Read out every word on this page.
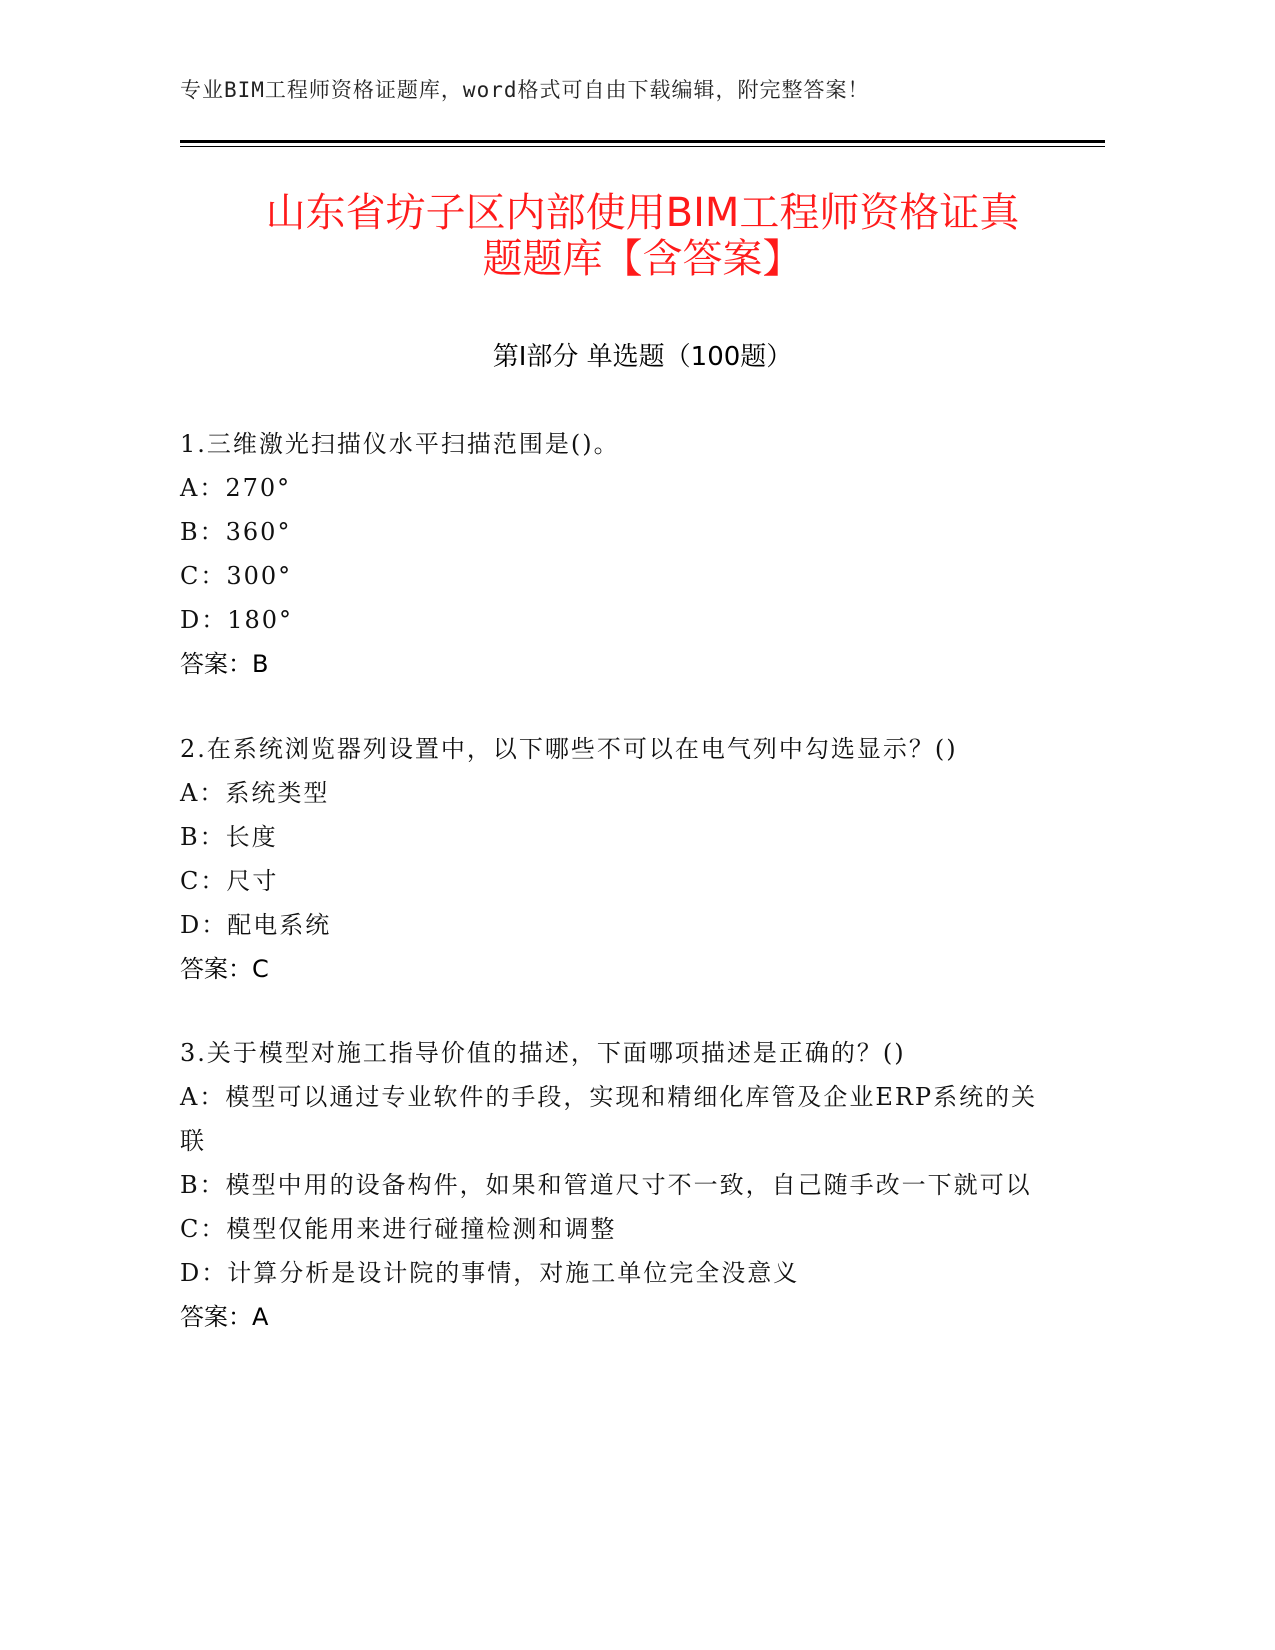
专业BIM工程师资格证题库，word格式可自由下载编辑，附完整答案！
山东省坊子区内部使用BIM工程师资格证真
题题库【含答案】
第Ⅰ部分 单选题（100题）
1.三维激光扫描仪水平扫描范围是()。
A：270°
B：360°
C：300°
D：180°
答案：B
2.在系统浏览器列设置中，以下哪些不可以在电气列中勾选显示？()
A：系统类型
B：长度
C：尺寸
D：配电系统
答案：C
3.关于模型对施工指导价值的描述，下面哪项描述是正确的？()
A：模型可以通过专业软件的手段，实现和精细化库管及企业ERP系统的关联
B：模型中用的设备构件，如果和管道尺寸不一致，自己随手改一下就可以
C：模型仅能用来进行碰撞检测和调整
D：计算分析是设计院的事情，对施工单位完全没意义
答案：A
